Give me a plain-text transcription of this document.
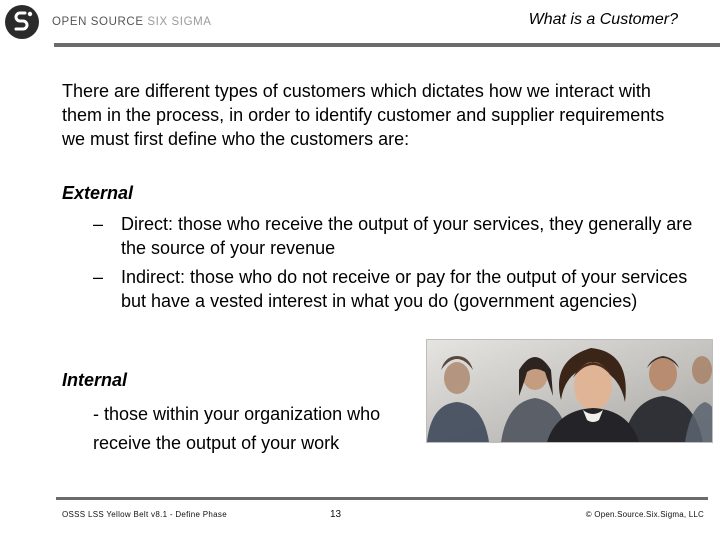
OPEN SOURCE SIX SIGMA	What is a Customer?

There are different types of customers which dictates how we interact with them in the process, in order to identify customer and supplier requirements we must first define who the customers are:

External

– Direct: those who receive the output of your services, they generally are the source of your revenue
– Indirect: those who do not receive or pay for the output of your services but have a vested interest in what you do (government agencies)

Internal

- those within your organization who receive the output of your work

OSSS LSS Yellow Belt v8.1 - Define Phase	13	© Open.Source.Six.Sigma, LLC
